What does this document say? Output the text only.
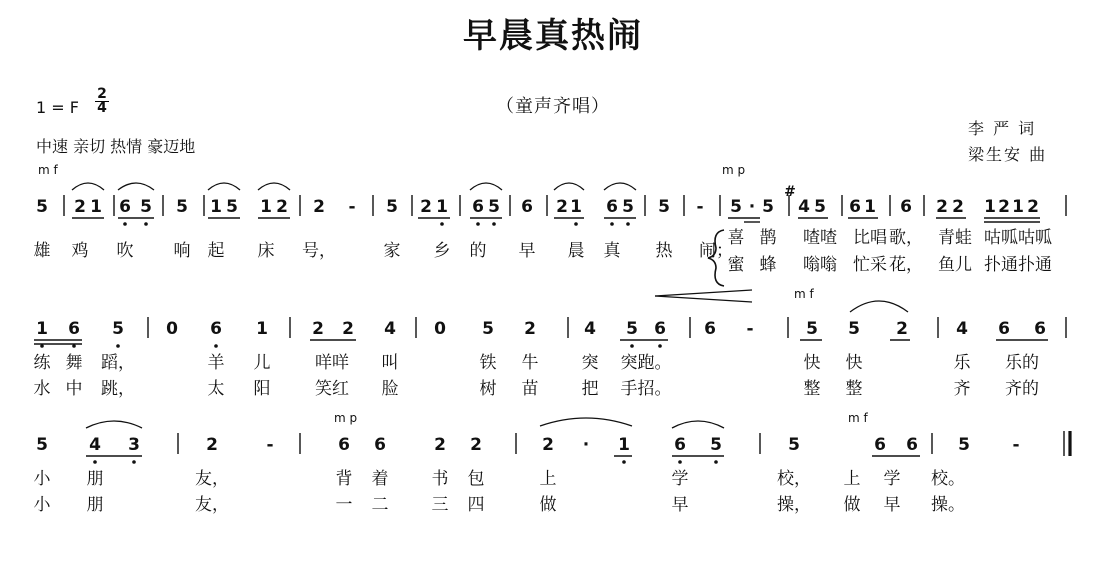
早晨真热闹
1 = F
2
4
中速 亲切 热情 豪迈地
（童声齐唱）
李 严 词
梁生安 曲
5 2 1 6 5 5 1 5 1 2 2 - 5 2 1 6 5 6 2 1 6 5 5 - 5 · 5 4 5 6 1 6 2 2 1 2 1 2
#
m f	m p
雄 鸡 吹 响 起 床 号，	家 乡 的 早 晨 真 热 闹；
喜 鹊 喳喳 比唱 歌， 青蛙 咕呱咕呱
蜜 蜂 嗡嗡 忙采 花， 鱼儿 扑通扑通
1 6 5 0 6 1	2 2 4 0 5 2	4 5 6 6 -	5 5 2	4 6 6
m f
练 舞 蹈，	羊 儿	咩咩 叫	铁 牛	突 突跑。	快 快	乐 乐的
水 中 跳，	太 阳	笑红 脸	树 苗	把 手招。	整 整	齐 齐的
5 4 3	2	-	6 6	2 2	2 · 1	6 5	5	6 6 5	-
m p	m f
小 朋	友，	背 着	书 包	上	学	校， 上 学 校。
小 朋	友，	一 二	三 四	做	早	操， 做 早 操。
